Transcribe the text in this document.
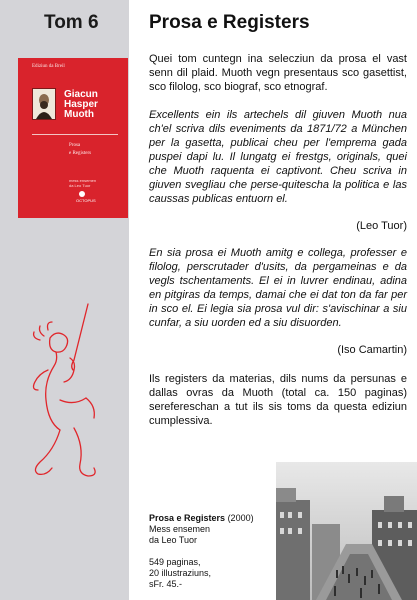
Tom 6
Ediziun da Breil
Giacun
Hasper
Muoth
Prosa
e Registers
mess ensemen
da Leo Tuor
OCTOPUS
Prosa e Registers

Quei tom cuntegn ina selecziun da prosa el vast senn dil plaid. Muoth vegn presentaus sco gasettist, sco filolog, sco biograf, sco etnograf.

Excellents ein ils artechels dil giuven Muoth nua ch'el scriva dils eveniments da 1871/72 a München per la gasetta, publicai cheu per l'emprema gada puspei dapi lu. Il lungatg ei frestgs, originals, quei che Muoth raquenta ei captivont. Cheu scriva in giuven svegliau che perse-quitescha la politica e las caussas publicas entuorn el.

(Leo Tuor)

En sia prosa ei Muoth amitg e collega, professer e filolog, perscrutader d'usits, da pergameinas e da vegls tschentaments. El ei in luvrer endinau, adina en pitgiras da temps, damai che ei dat ton da far per in sco el. Ei legia sia prosa vul dir: s'avischinar a siu cunfar, a siu uorden ed a siu disuorden.

(Iso Camartin)

Ils registers da materias, dils nums da persunas e dallas ovras da Muoth (total ca. 150 paginas) serefereschan a tut ils sis toms da questa ediziun cumplessiva.

Prosa e Registers (2000)
Mess ensemen
da Leo Tuor
549 paginas,
20 illustraziuns,
sFr. 45.-
